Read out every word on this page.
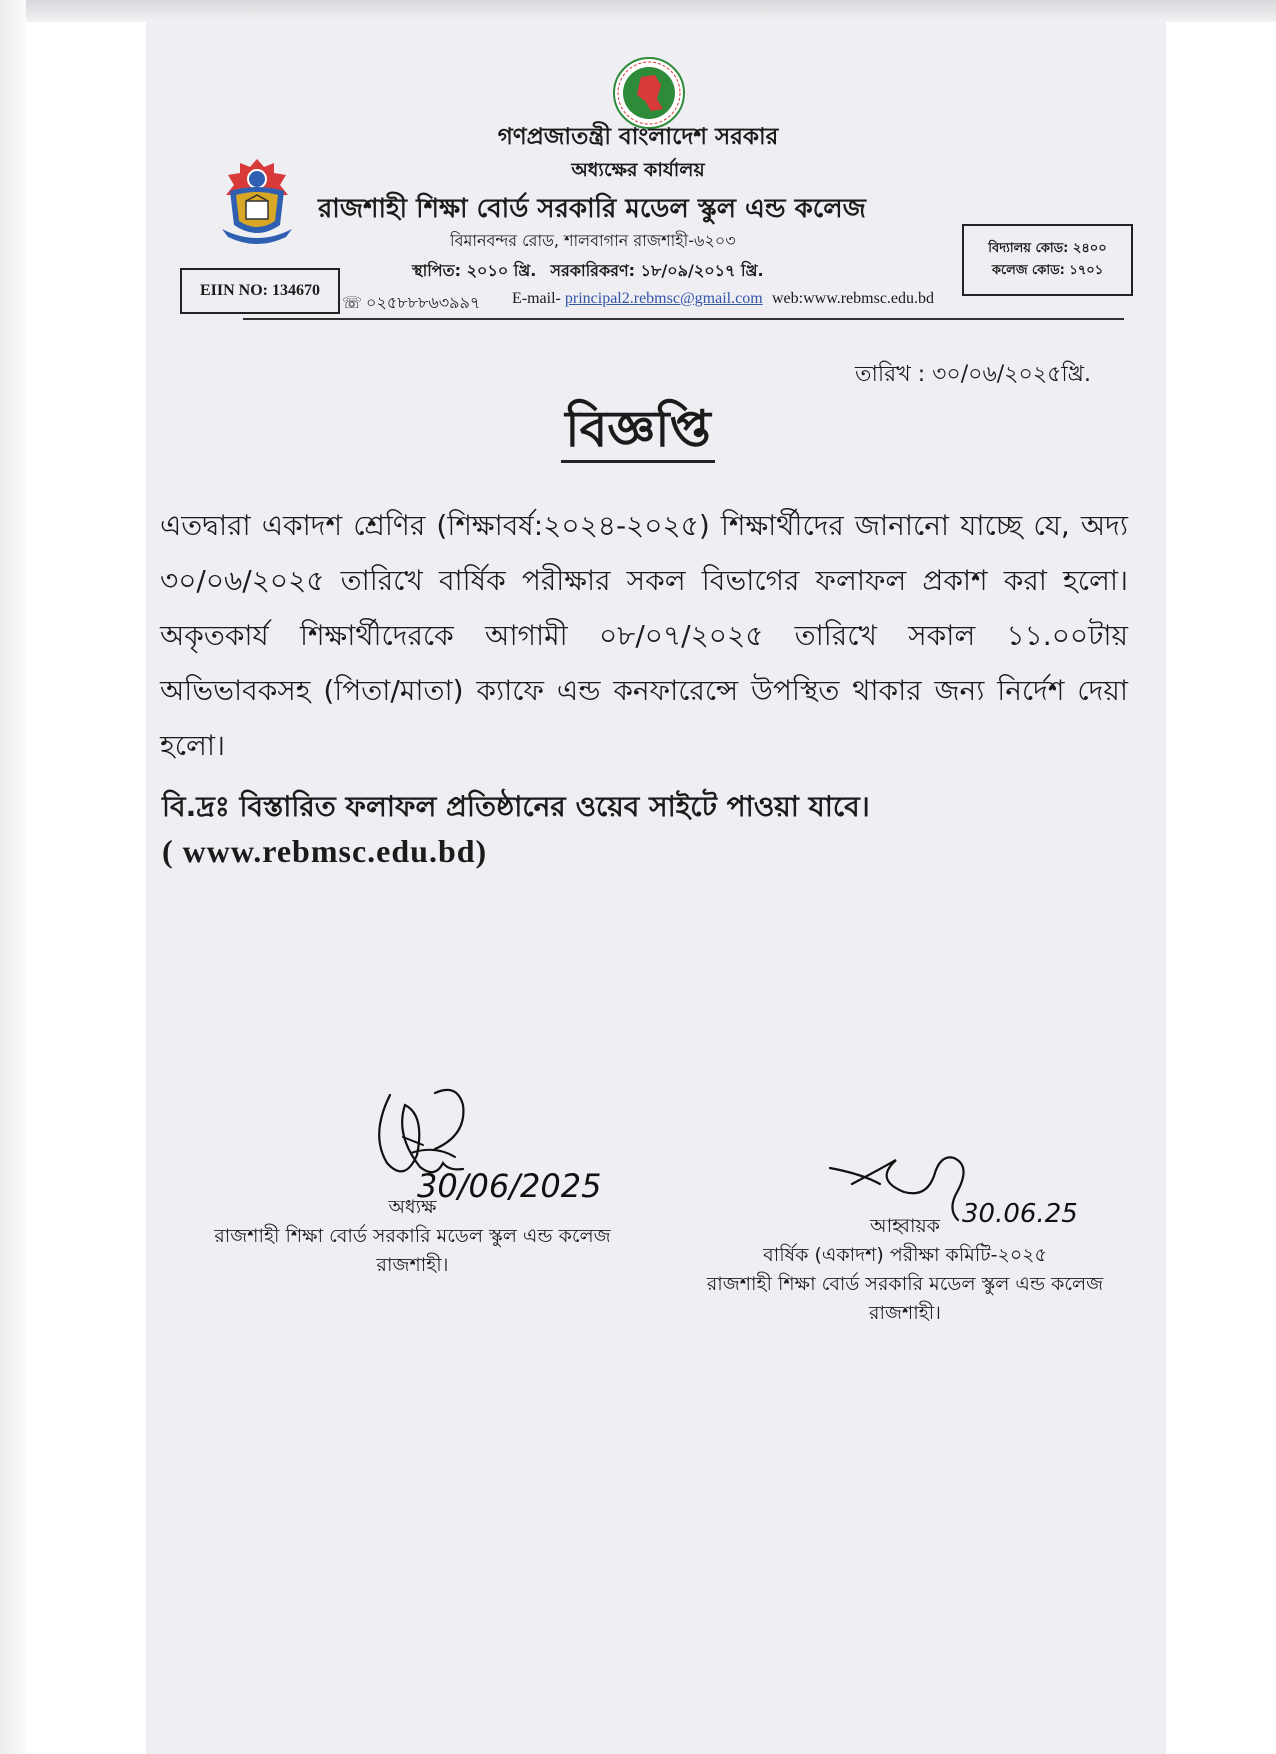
গণপ্রজাতন্ত্রী বাংলাদেশ সরকার
অধ্যক্ষের কার্যালয়
রাজশাহী শিক্ষা বোর্ড সরকারি মডেল স্কুল এন্ড কলেজ
বিমানবন্দর রোড, শালবাগান রাজশাহী-৬২০৩
স্থাপিত: ২০১০ খ্রি. সরকারিকরণ: ১৮/০৯/২০১৭ খ্রি.
EIIN NO: 134670
বিদ্যালয় কোড: ২৪০০
কলেজ কোড: ১৭০১
☏ ০২৫৮৮৮৬৩৯৯৭ E-mail- principal2.rebmsc@gmail.com web:www.rebmsc.edu.bd
তারিখ : ৩০/০৬/২০২৫খ্রি.
বিজ্ঞপ্তি
এতদ্বারা একাদশ শ্রেণির (শিক্ষাবর্ষ:২০২৪-২০২৫) শিক্ষার্থীদের জানানো যাচ্ছে যে, অদ্য ৩০/০৬/২০২৫ তারিখে বার্ষিক পরীক্ষার সকল বিভাগের ফলাফল প্রকাশ করা হলো। অকৃতকার্য শিক্ষার্থীদেরকে আগামী ০৮/০৭/২০২৫ তারিখে সকাল ১১.০০টায় অভিভাবকসহ (পিতা/মাতা) ক্যাফে এন্ড কনফারেন্সে উপস্থিত থাকার জন্য নির্দেশ দেয়া হলো।
বি.দ্রঃ বিস্তারিত ফলাফল প্রতিষ্ঠানের ওয়েব সাইটে পাওয়া যাবে।
( www.rebmsc.edu.bd)
30/06/2025
30.06.25
অধ্যক্ষ
রাজশাহী শিক্ষা বোর্ড সরকারি মডেল স্কুল এন্ড কলেজ
রাজশাহী।
আহ্বায়ক
বার্ষিক (একাদশ) পরীক্ষা কমিটি-২০২৫
রাজশাহী শিক্ষা বোর্ড সরকারি মডেল স্কুল এন্ড কলেজ
রাজশাহী।
